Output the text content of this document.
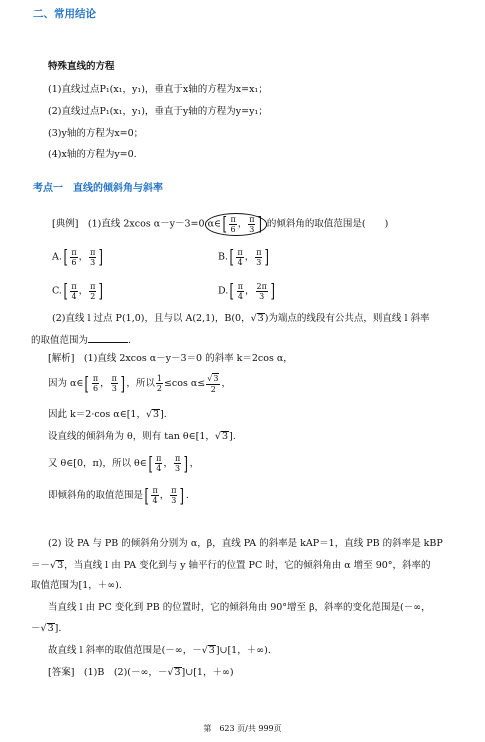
二、常用结论
特殊直线的方程
(1)直线过点P₁(x₁，y₁)，垂直于x轴的方程为x=x₁；
(2)直线过点P₁(x₁，y₁)，垂直于y轴的方程为y=y₁；
(3)y轴的方程为x=0；
(4)x轴的方程为y=0.
考点一　直线的倾斜角与斜率
[典例]　(1)直线 2xcos α－y－3=0 α∈[ $\frac{\pi}{6}$ ， $\frac{\pi}{3}$ ] 的倾斜角的取值范围是(　　)
$A.[ \frac{\pi}{6}$ ， $\frac{\pi}{3}$ ]	$B.[ \frac{\pi}{4}$ ， $\frac{\pi}{3}$ ]
$C.[ \frac{\pi}{4}$ ， $\frac{\pi}{2}$ ]	$D.[ \frac{\pi}{4}$ ， $\frac{2\pi}{3}$ ]
(2)直线 l 过点 P(1,0)，且与以 A(2,1)，B(0，√3)为端点的线段有公共点，则直线 l 斜率
的取值范围为	.
[解析]　(1)直线 2xcos α－y－3＝0 的斜率 k＝2cos α，
因为 α∈[ $\frac{\pi}{6}$ ， $\frac{\pi}{3}$ ]，所以 $\frac{1}{2} \le\cos$ $\alpha\le \frac{√3}{2}$ ，
因此 k＝2·cos α∈[1，√3].
设直线的倾斜角为 θ，则有 tan θ∈[1，√3].
又 θ∈[0，π)，所以 θ∈[ $\frac{\pi}{4}$ ， $\frac{\pi}{3}$ ]，
即倾斜角的取值范围是[ $\frac{\pi}{4}$ ， $\frac{\pi}{3}$ ].
(2) 设 PA 与 PB 的倾斜角分别为 α，β，直线 PA 的斜率是 kAP＝1，直线 PB 的斜率是 kBP
＝－√3，当直线 l 由 PA 变化到与 y 轴平行的位置 PC 时，它的倾斜角由 α 增至 90°，斜率的
取值范围为[1，＋∞).
当直线 l 由 PC 变化到 PB 的位置时，它的倾斜角由 90°增至 β，斜率的变化范围是(－∞，
－√3].
故直线 l 斜率的取值范围是(－∞，－√3]∪[1，＋∞).
[答案]　(1)B　(2)(－∞，－√3]∪[1，＋∞)
第　623 页/共 999页
